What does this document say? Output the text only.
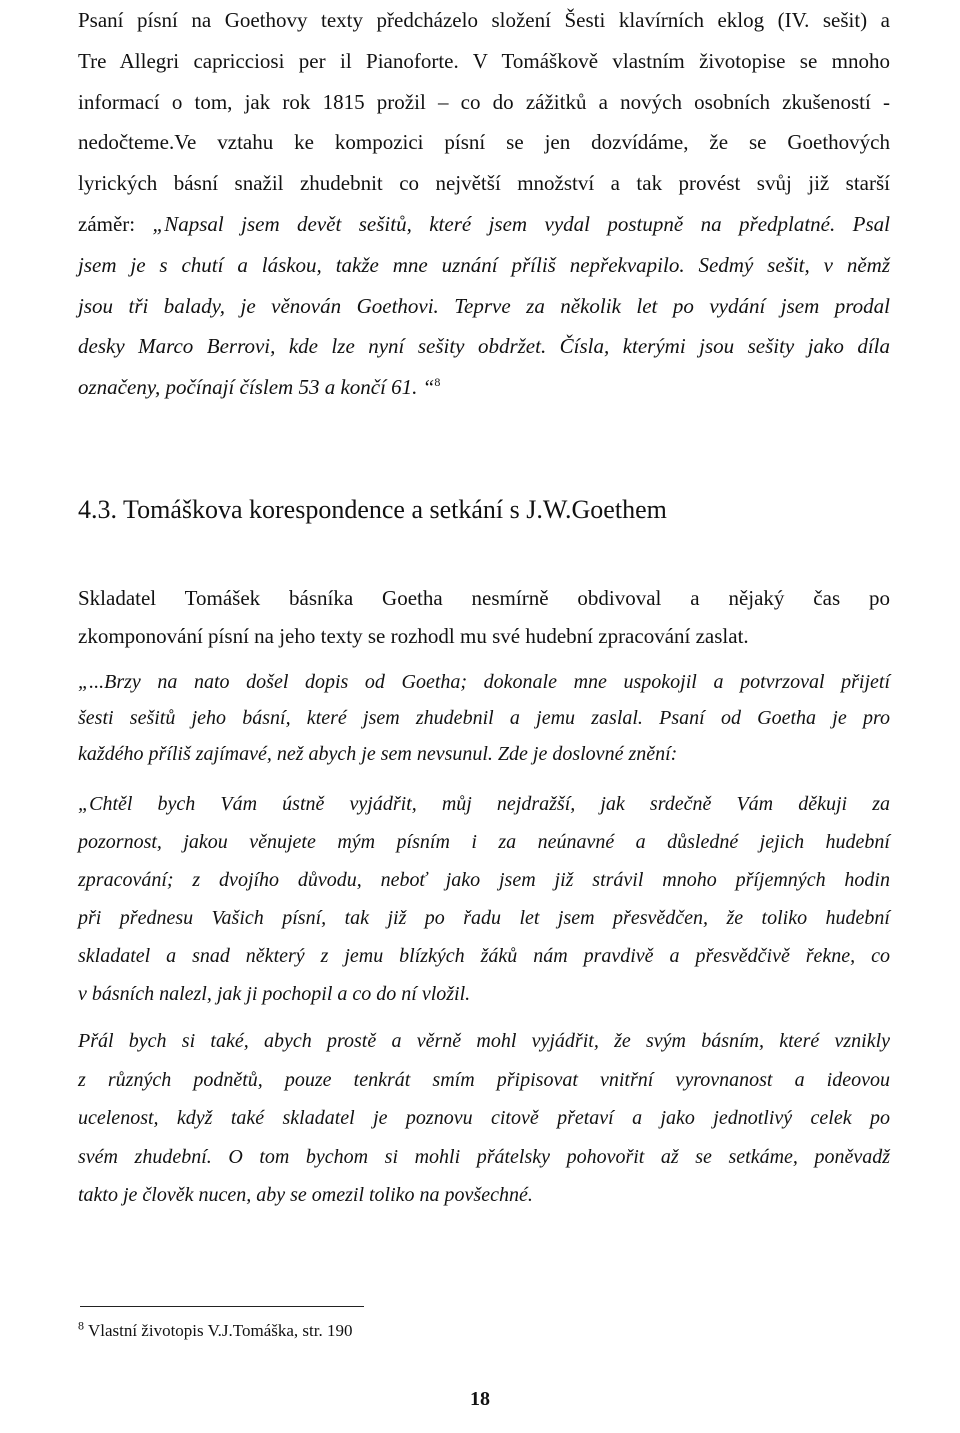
Psaní písní na Goethovy texty předcházelo složení Šesti klavírních eklog (IV. sešit) a
Tre Allegri capricciosi per il Pianoforte. V Tomáškově vlastním životopise se mnoho
informací o tom, jak rok 1815 prožil – co do zážitků a nových osobních zkušeností -
nedočteme.Ve vztahu ke kompozici písní se jen dozvídáme, že se Goethových
lyrických básní snažil zhudebnit co největší množství a tak provést svůj již starší
záměr: „Napsal jsem devět sešitů, které jsem vydal postupně na předplatné. Psal
jsem je s chutí a láskou, takže mne uznání příliš nepřekvapilo. Sedmý sešit, v němž
jsou tři balady, je věnován Goethovi. Teprve za několik let po vydání jsem prodal
desky Marco Berrovi, kde lze nyní sešity obdržet. Čísla, kterými jsou sešity jako díla
označeny, počínají číslem 53 a končí 61. “$^8$
4.3. Tomáškova korespondence a setkání s J.W.Goethem
Skladatel Tomášek básníka Goetha nesmírně obdivoval a nějaký čas po
zkomponování písní na jeho texty se rozhodl mu své hudební zpracování zaslat.
„...Brzy na nato došel dopis od Goetha; dokonale mne uspokojil a potvrzoval přijetí
šesti sešitů jeho básní, které jsem zhudebnil a jemu zaslal. Psaní od Goetha je pro
každého příliš zajímavé, než abych je sem nevsunul. Zde je doslovné znění:
„Chtěl bych Vám ústně vyjádřit, můj nejdražší, jak srdečně Vám děkuji za
pozornost, jakou věnujete mým písním i za neúnavné a důsledné jejich hudební
zpracování; z dvojího důvodu, neboť jako jsem již strávil mnoho příjemných hodin
při přednesu Vašich písní, tak již po řadu let jsem přesvědčen, že toliko hudební
skladatel a snad některý z jemu blízkých žáků nám pravdivě a přesvědčivě řekne, co
v básních nalezl, jak ji pochopil a co do ní vložil.
Přál bych si také, abych prostě a věrně mohl vyjádřit, že svým básním, které vznikly
z různých podnětů, pouze tenkrát smím připisovat vnitřní vyrovnanost a ideovou
ucelenost, když také skladatel je poznovu citově přetaví a jako jednotlivý celek po
svém zhudební. O tom bychom si mohli přátelsky pohovořit až se setkáme, poněvadž
takto je člověk nucen, aby se omezil toliko na povšechné.
$^8$ Vlastní životopis V.J.Tomáška, str. 190
18
